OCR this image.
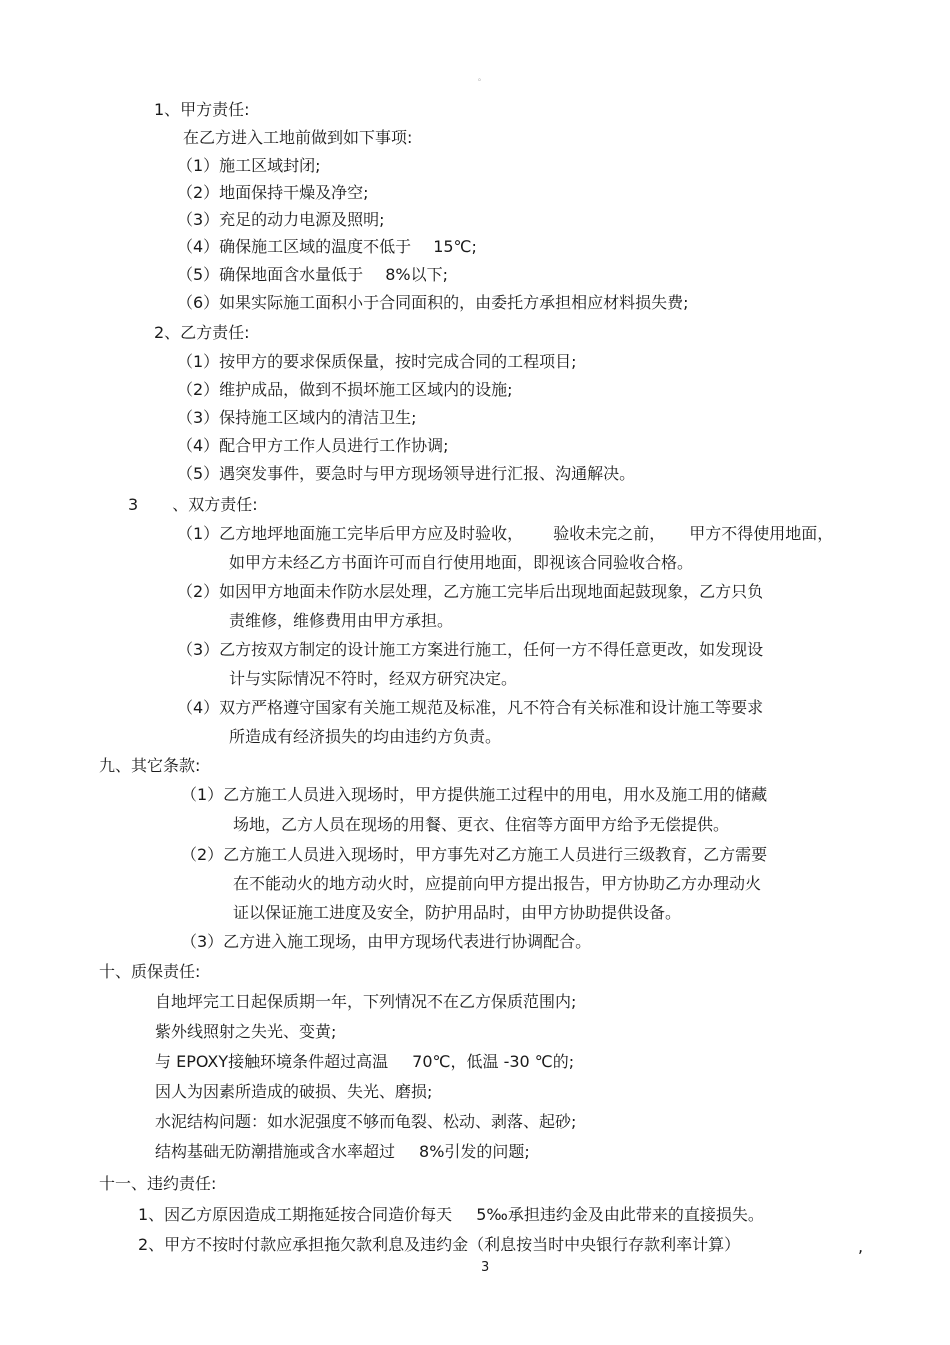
。
1、甲方责任:
在乙方进入工地前做到如下事项:
（1）施工区域封闭;
（2）地面保持干燥及净空;
（3）充足的动力电源及照明;
（4）确保施工区域的温度不低于 15℃;
（5）确保地面含水量低于 8%以下;
（6）如果实际施工面积小于合同面积的，由委托方承担相应材料损失费;
2、乙方责任:
（1）按甲方的要求保质保量，按时完成合同的工程项目;
（2）维护成品，做到不损坏施工区域内的设施;
（3）保持施工区域内的清洁卫生;
（4）配合甲方工作人员进行工作协调;
（5）遇突发事件，要急时与甲方现场领导进行汇报、沟通解决。
3 、双方责任:
（1）乙方地坪地面施工完毕后甲方应及时验收， 验收未完之前， 甲方不得使用地面，
如甲方未经乙方书面许可而自行使用地面，即视该合同验收合格。
（2）如因甲方地面未作防水层处理，乙方施工完毕后出现地面起鼓现象，乙方只负
责维修，维修费用由甲方承担。
（3）乙方按双方制定的设计施工方案进行施工，任何一方不得任意更改，如发现设
计与实际情况不符时，经双方研究决定。
（4）双方严格遵守国家有关施工规范及标准，凡不符合有关标准和设计施工等要求
所造成有经济损失的均由违约方负责。
九、其它条款:
（1）乙方施工人员进入现场时，甲方提供施工过程中的用电，用水及施工用的储藏
场地，乙方人员在现场的用餐、更衣、住宿等方面甲方给予无偿提供。
（2）乙方施工人员进入现场时，甲方事先对乙方施工人员进行三级教育，乙方需要
在不能动火的地方动火时，应提前向甲方提出报告，甲方协助乙方办理动火
证以保证施工进度及安全，防护用品时，由甲方协助提供设备。
（3）乙方进入施工现场，由甲方现场代表进行协调配合。
十、质保责任:
自地坪完工日起保质期一年，下列情况不在乙方保质范围内;
紫外线照射之失光、变黄;
与 EPOXY接触环境条件超过高温 70℃，低温 -30 ℃的;
因人为因素所造成的破损、失光、磨损;
水泥结构问题：如水泥强度不够而龟裂、松动、剥落、起砂;
结构基础无防潮措施或含水率超过 8%引发的问题;
十一、违约责任:
1、因乙方原因造成工期拖延按合同造价每天 5‰承担违约金及由此带来的直接损失。
2、甲方不按时付款应承担拖欠款利息及违约金（利息按当时中央银行存款利率计算）	,
3
